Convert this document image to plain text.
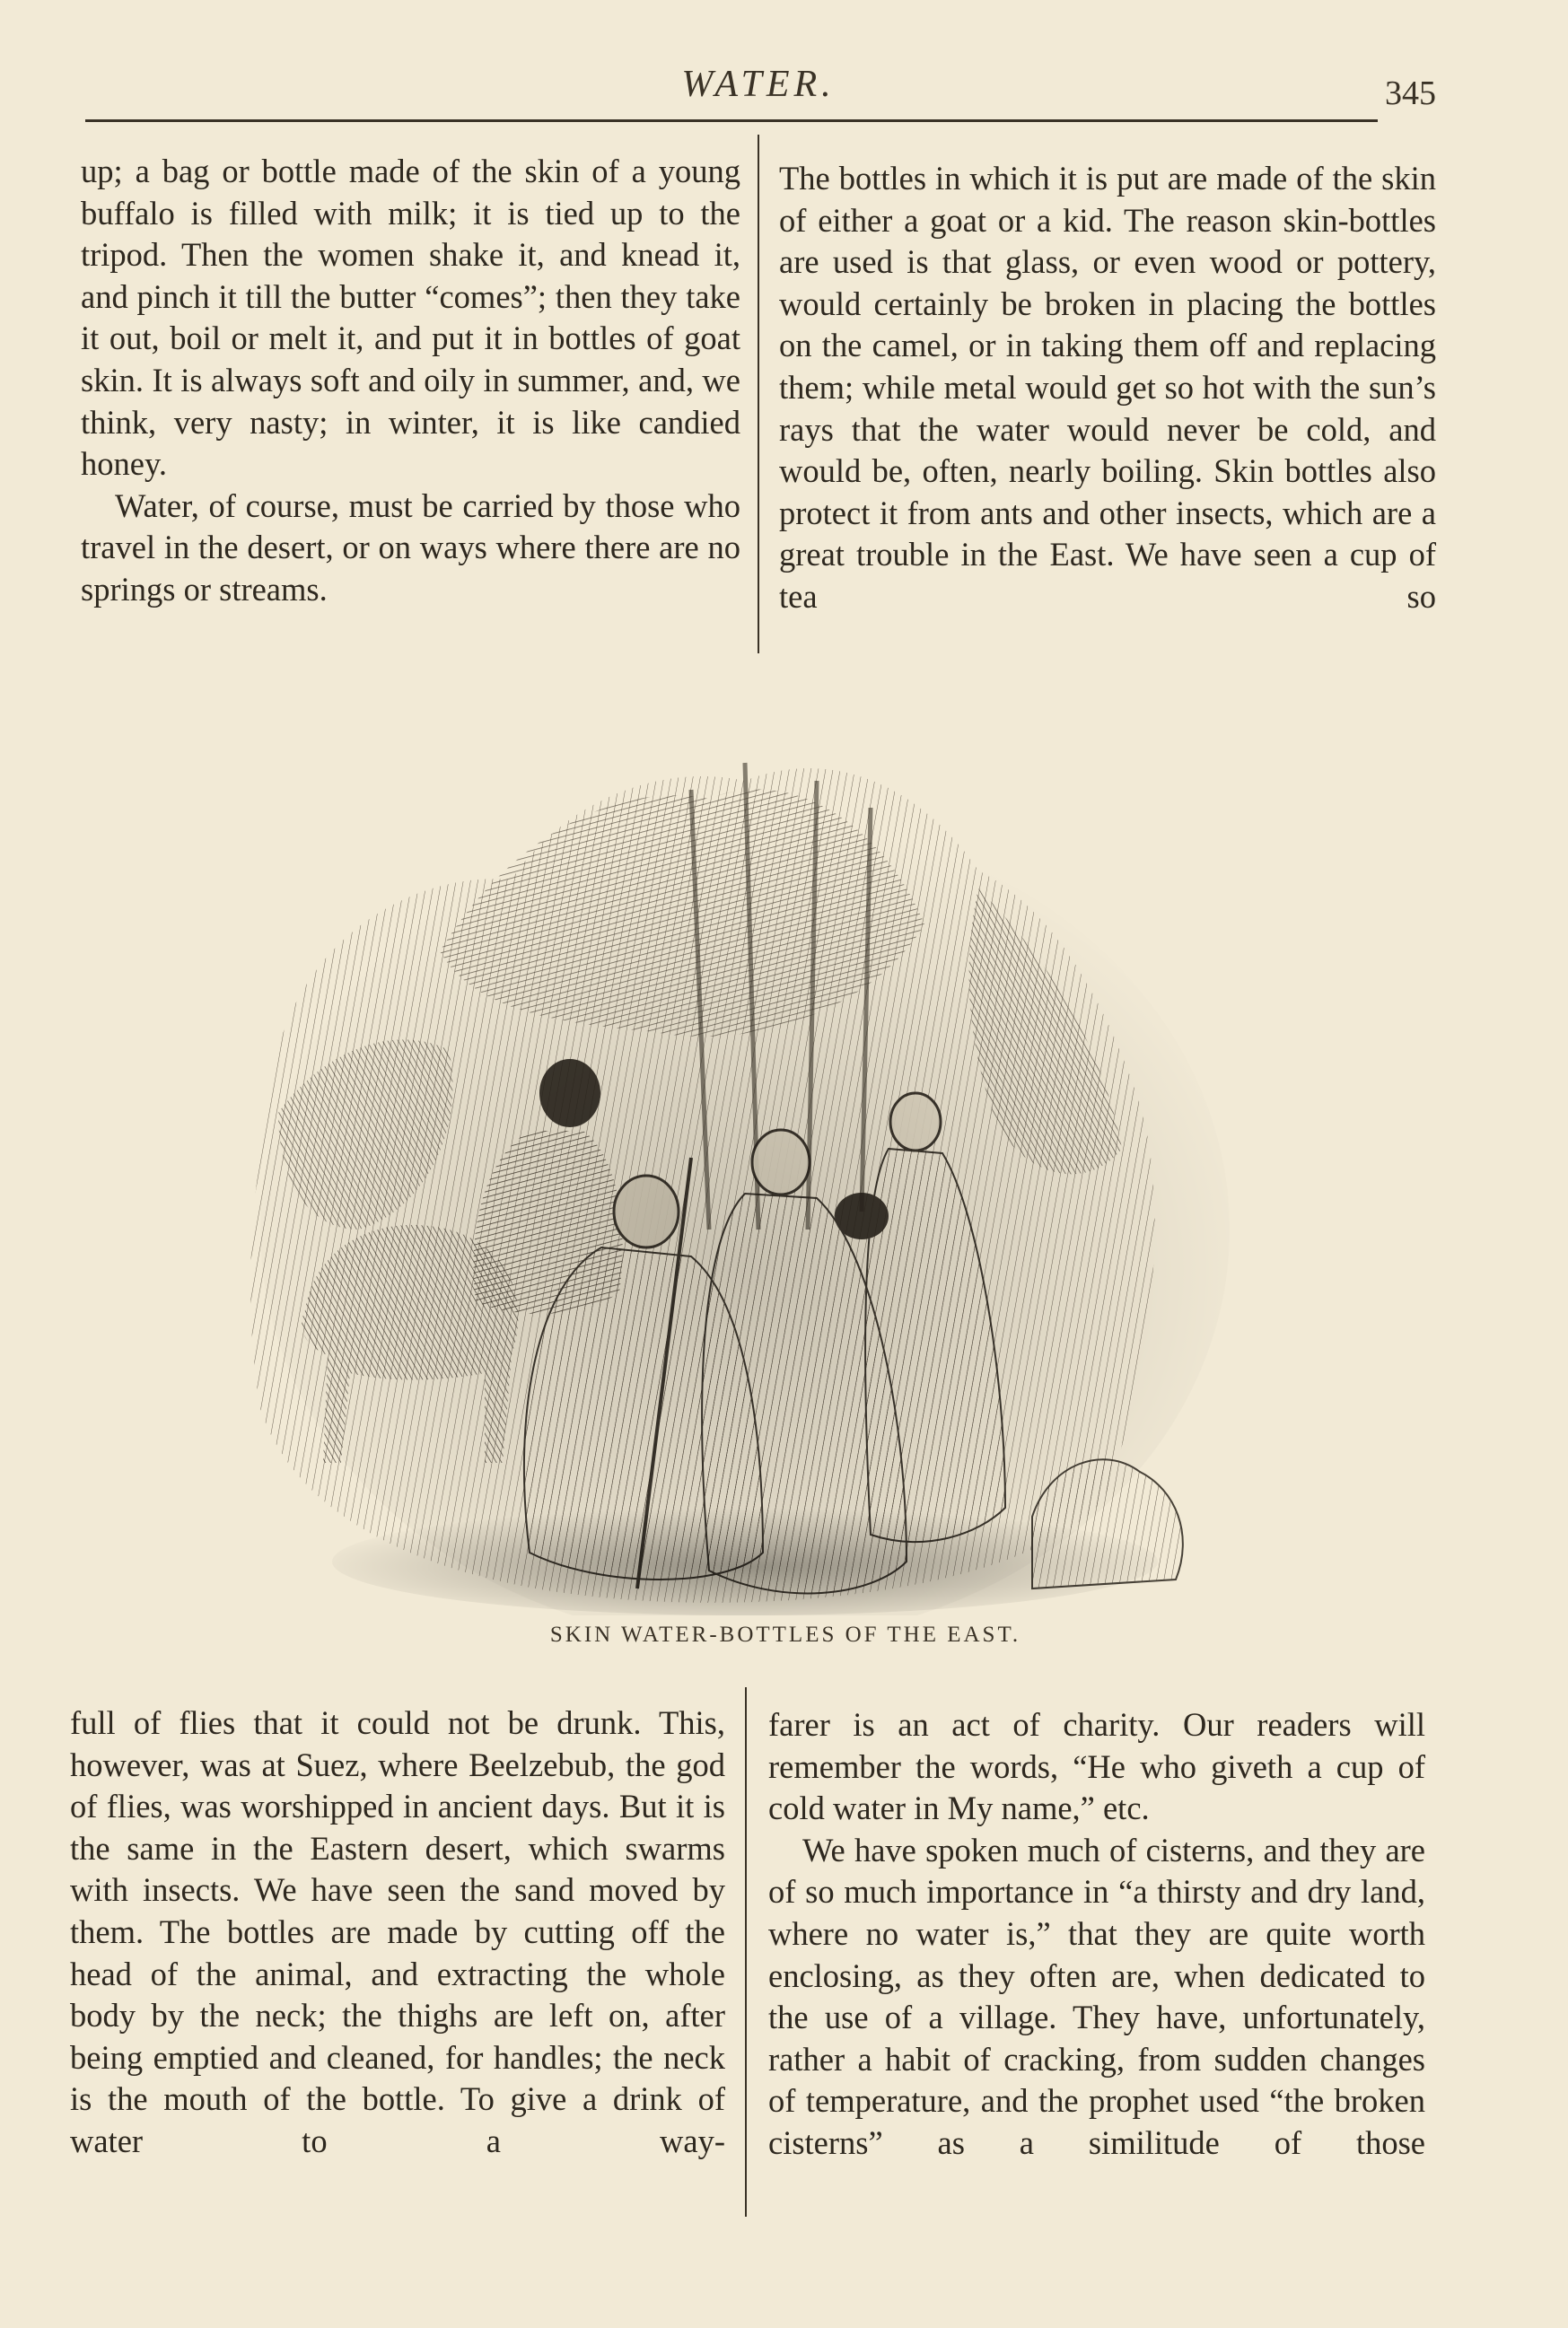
WATER.	345

up; a bag or bottle made of the skin of a young buffalo is filled with milk; it is tied up to the tripod. Then the women shake it, and knead it, and pinch it till the butter “comes”; then they take it out, boil or melt it, and put it in bottles of goat skin. It is always soft and oily in summer, and, we think, very nasty; in winter, it is like candied honey.

Water, of course, must be carried by those who travel in the desert, or on ways where there are no springs or streams.

The bottles in which it is put are made of the skin of either a goat or a kid. The reason skin-bottles are used is that glass, or even wood or pottery, would certainly be broken in placing the bottles on the camel, or in taking them off and replacing them; while metal would get so hot with the sun’s rays that the water would never be cold, and would be, often, nearly boiling. Skin bottles also protect it from ants and other insects, which are a great trouble in the East. We have seen a cup of tea so

SKIN WATER-BOTTLES OF THE EAST.

full of flies that it could not be drunk. This, however, was at Suez, where Beelzebub, the god of flies, was worshipped in ancient days. But it is the same in the Eastern desert, which swarms with insects. We have seen the sand moved by them. The bottles are made by cutting off the head of the animal, and extracting the whole body by the neck; the thighs are left on, after being emptied and cleaned, for handles; the neck is the mouth of the bottle. To give a drink of water to a way-

farer is an act of charity. Our readers will remember the words, “He who giveth a cup of cold water in My name,” etc.

We have spoken much of cisterns, and they are of so much importance in “a thirsty and dry land, where no water is,” that they are quite worth enclosing, as they often are, when dedicated to the use of a village. They have, unfortunately, rather a habit of cracking, from sudden changes of temperature, and the prophet used “the broken cisterns” as a similitude of those
